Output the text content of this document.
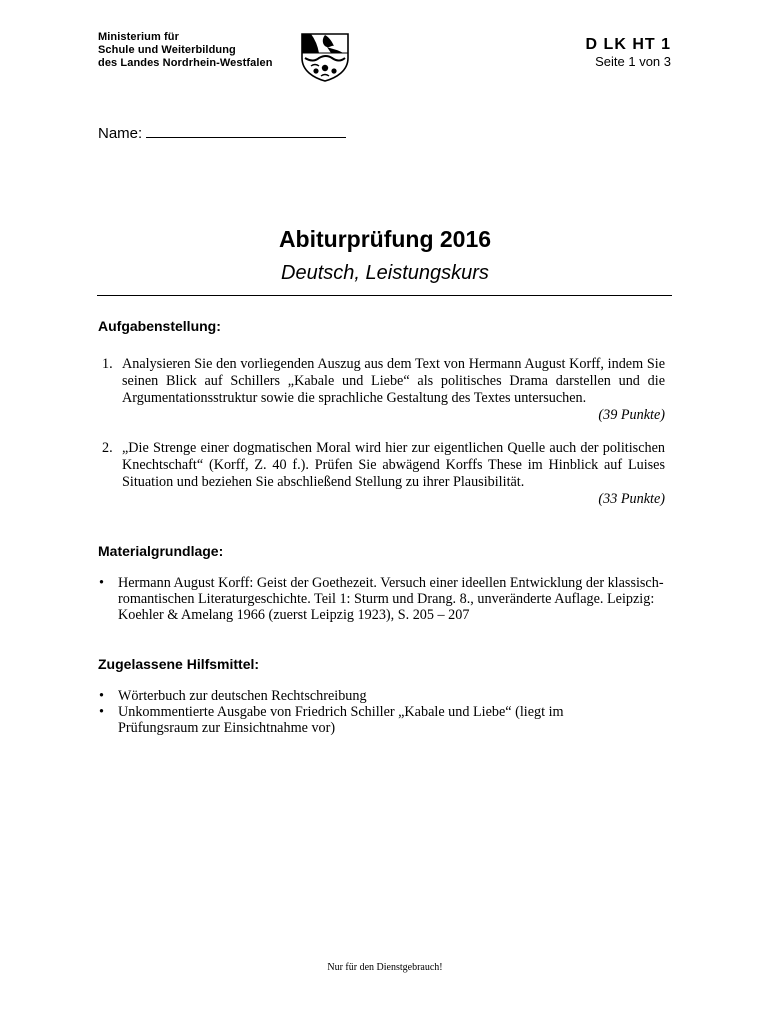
Ministerium für
Schule und Weiterbildung
des Landes Nordrhein-Westfalen
D LK HT 1
Seite 1 von 3
Name:
Abiturprüfung 2016
Deutsch, Leistungskurs
Aufgabenstellung:
1. Analysieren Sie den vorliegenden Auszug aus dem Text von Hermann August Korff, indem Sie seinen Blick auf Schillers „Kabale und Liebe“ als politisches Drama darstellen und die Argumentationsstruktur sowie die sprachliche Gestaltung des Textes untersuchen.
(39 Punkte)
2. „Die Strenge einer dogmatischen Moral wird hier zur eigentlichen Quelle auch der politischen Knechtschaft“ (Korff, Z. 40 f.). Prüfen Sie abwägend Korffs These im Hinblick auf Luises Situation und beziehen Sie abschließend Stellung zu ihrer Plausibilität.
(33 Punkte)
Materialgrundlage:
• Hermann August Korff: Geist der Goethezeit. Versuch einer ideellen Entwicklung der klassisch-romantischen Literaturgeschichte. Teil 1: Sturm und Drang. 8., unveränderte Auflage. Leipzig: Koehler & Amelang 1966 (zuerst Leipzig 1923), S. 205 – 207
Zugelassene Hilfsmittel:
• Wörterbuch zur deutschen Rechtschreibung
• Unkommentierte Ausgabe von Friedrich Schiller „Kabale und Liebe“ (liegt im Prüfungsraum zur Einsichtnahme vor)
Nur für den Dienstgebrauch!
